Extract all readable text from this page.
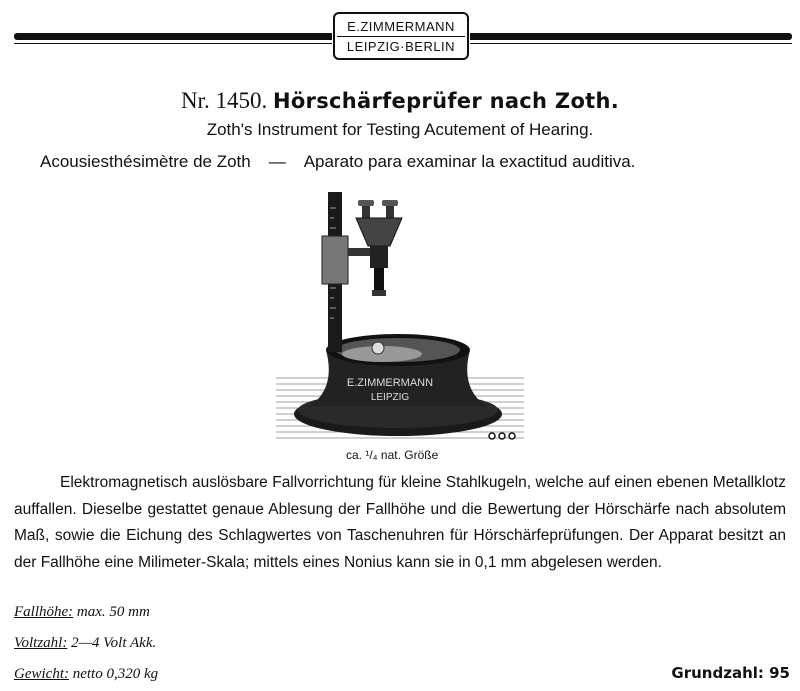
E.ZIMMERMANN
LEIPZIG·BERLIN
Nr. 1450. Hörschärfeprüfer nach Zoth.
Zoth's Instrument for Testing Acutement of Hearing.
Acousiesthésimètre de Zoth — Aparato para examinar la exactitud auditiva.
E.ZIMMERMANN
LEIPZIG
ca. ¹/₄ nat. Größe
Elektromagnetisch auslösbare Fallvorrichtung für kleine Stahlkugeln, welche auf einen ebenen Metallklotz auffallen. Dieselbe gestattet genaue Ablesung der Fallhöhe und die Bewertung der Hörschärfe nach absolutem Maß, sowie die Eichung des Schlagwertes von Taschenuhren für Hörschärfeprüfungen. Der Apparat besitzt an der Fallhöhe eine Milimeter-Skala; mittels eines Nonius kann sie in 0,1 mm abgelesen werden.
Fallhöhe: max. 50 mm
Voltzahl: 2—4 Volt Akk.
Gewicht: netto 0,320 kg	Grundzahl: 95
